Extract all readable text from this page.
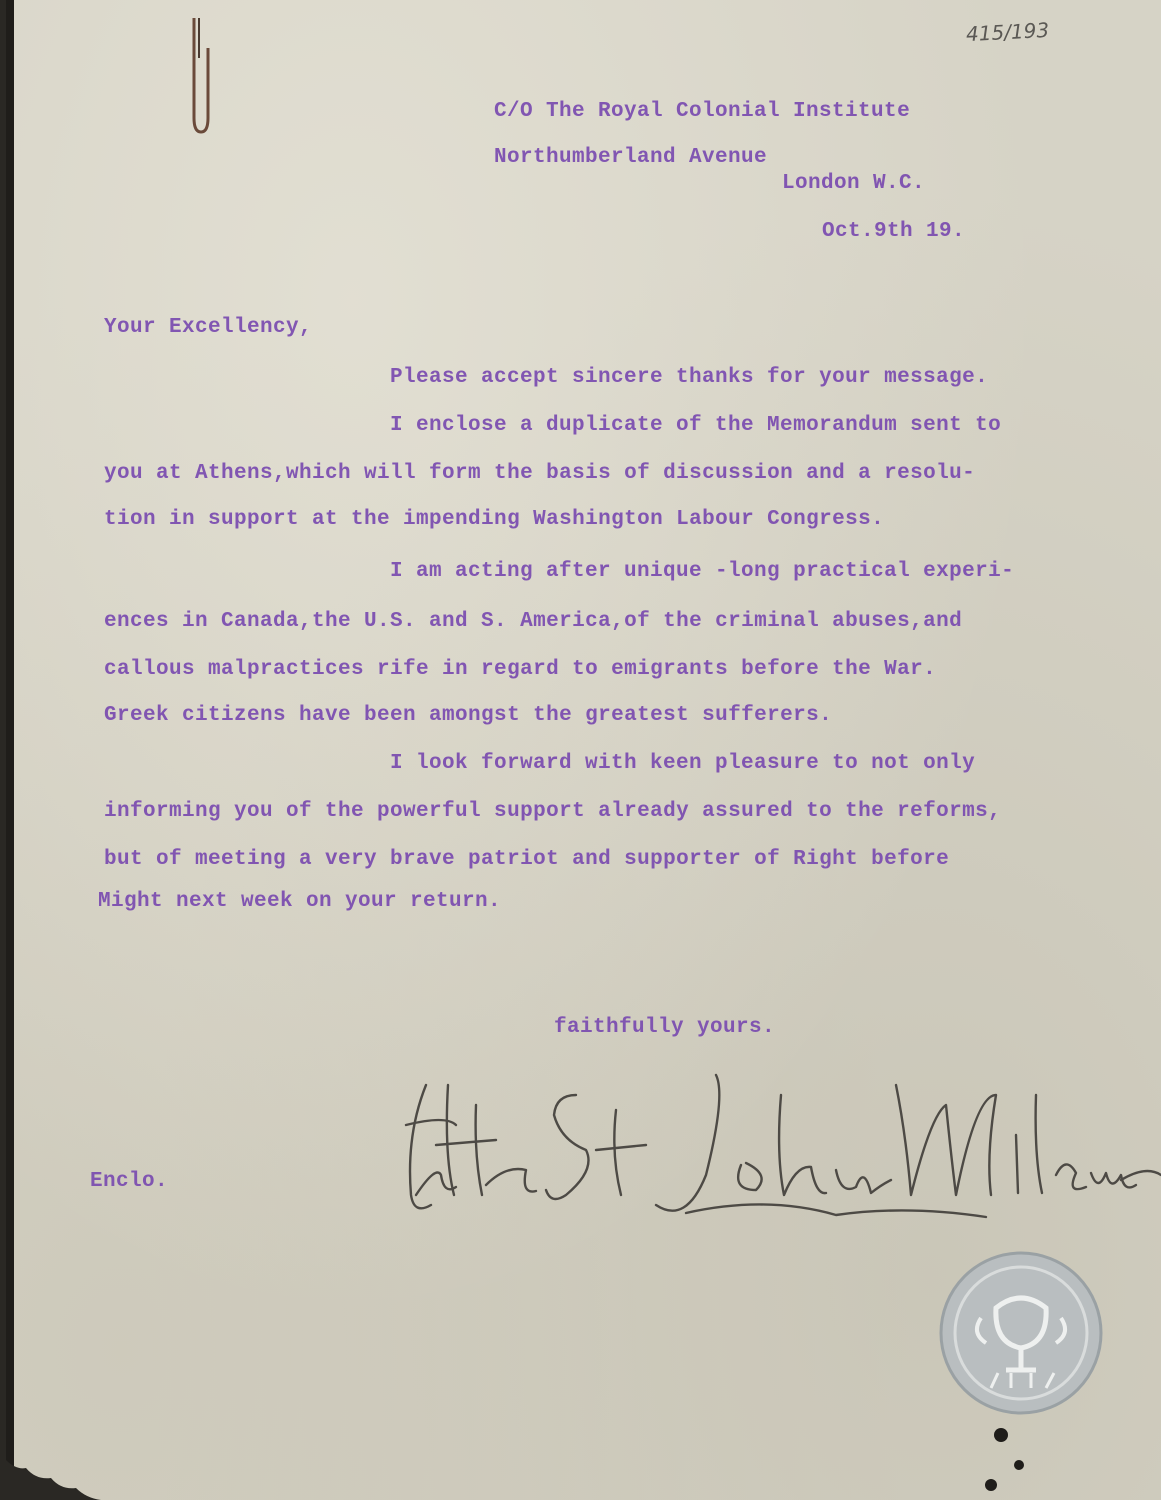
415/193
C/O The Royal Colonial Institute
Northumberland Avenue
London W.C.
Oct.9th 19.
Your Excellency,
Please accept sincere thanks for your message.
I enclose a duplicate of the Memorandum sent to
you at Athens,which will form the basis of discussion and a resolu-
tion in support at the impending Washington Labour Congress.
I am acting after unique -long practical experi-
ences in Canada,the U.S. and S. America,of the criminal abuses,and
callous malpractices rife in regard to emigrants before the War.
Greek citizens have been amongst the greatest sufferers.
I look forward with keen pleasure to not only
informing you of the powerful support already assured to the reforms,
but of meeting a very brave patriot and supporter of Right before
Might next week on your return.
faithfully yours.
Enclo.
